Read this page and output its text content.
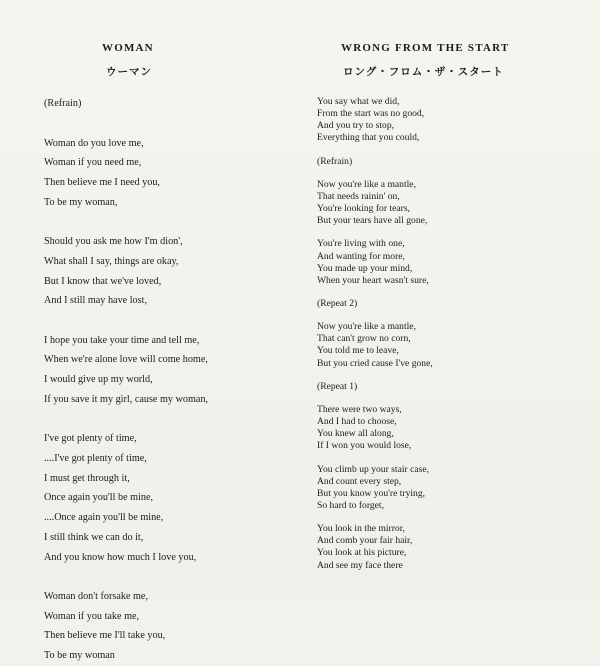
WOMAN
ウーマン
(Refrain)
Woman do you love me,
Woman if you need me,
Then believe me I need you,
To be my woman,
Should you ask me how I'm dion',
What shall I say, things are okay,
But I know that we've loved,
And I still may have lost,
I hope you take your time and tell me,
When we're alone love will come home,
I would give up my world,
If you save it my girl, cause my woman,
I've got plenty of time,
....I've got plenty of time,
I must get through it,
Once again you'll be mine,
....Once again you'll be mine,
I still think we can do it,
And you know how much I love you,
Woman don't forsake me,
Woman if you take me,
Then believe me I'll take you,
To be my woman
WRONG FROM THE START
ロング・フロム・ザ・スタート
You say what we did,
From the start was no good,
And you try to stop,
Everything that you could,
(Refrain)
Now you're like a mantle,
That needs rainin' on,
You're looking for tears,
But your tears have all gone,
You're living with one,
And wanting for more,
You made up your mind,
When your heart wasn't sure,
(Repeat 2)
Now you're like a mantle,
That can't grow no corn,
You told me to leave,
But you cried cause I've gone,
(Repeat 1)
There were two ways,
And I had to choose,
You knew all along,
If I won you would lose,
You climb up your stair case,
And count every step,
But you know you're trying,
So hard to forget,
You look in the mirror,
And comb your fair hair,
You look at his picture,
And see my face there
